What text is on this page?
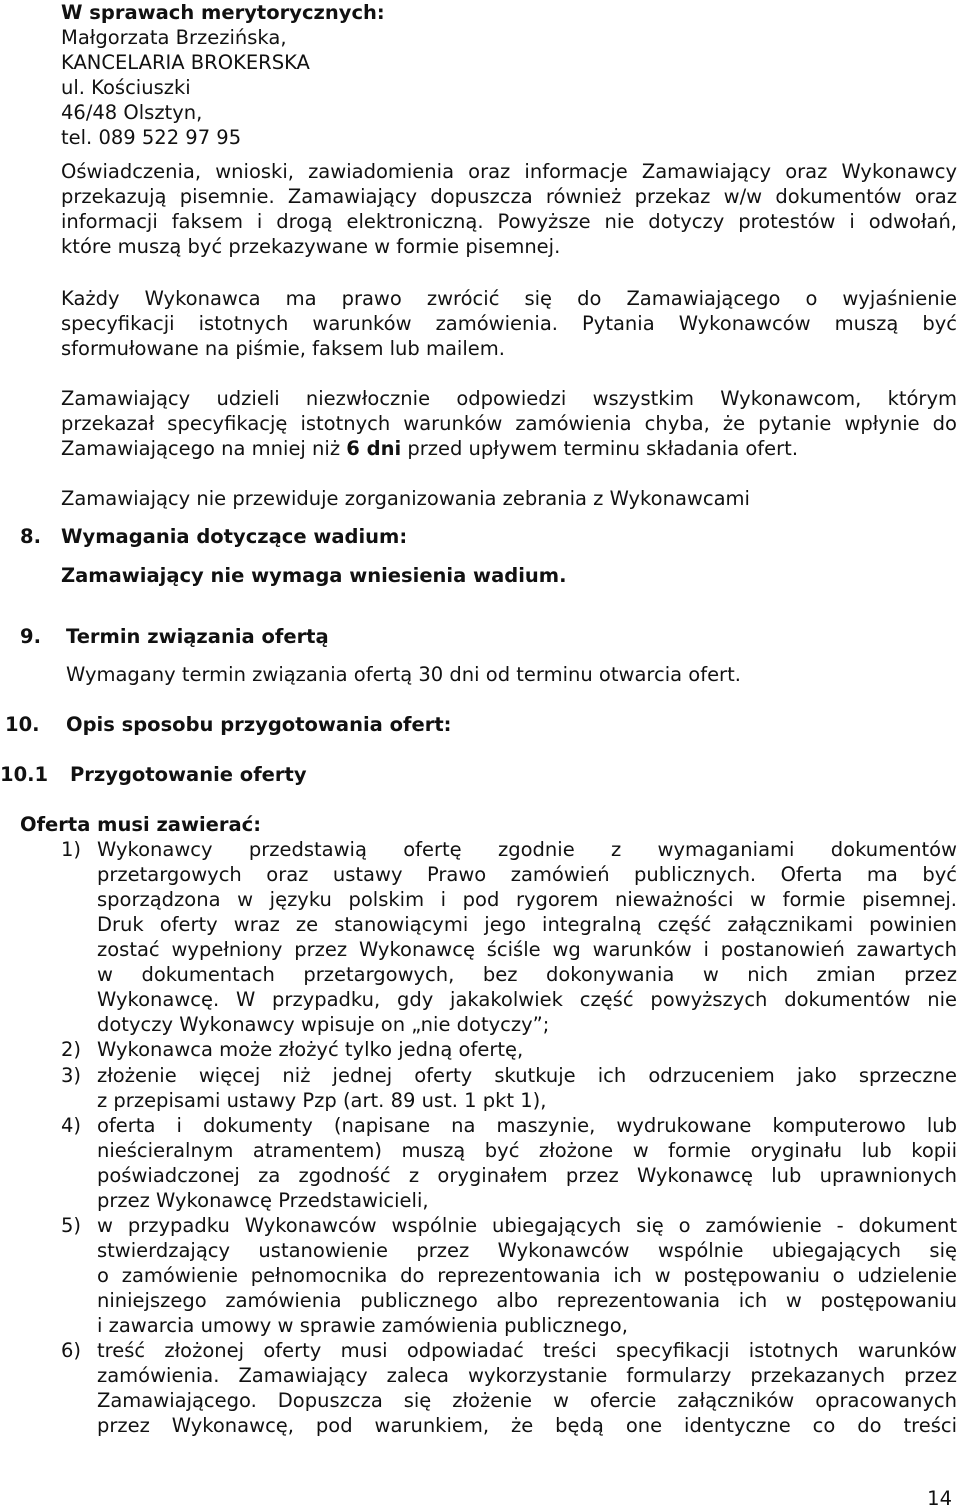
W sprawach merytorycznych:
Małgorzata Brzezińska,
KANCELARIA BROKERSKA
ul. Kościuszki
46/48 Olsztyn,
tel. 089 522 97 95
Oświadczenia, wnioski, zawiadomienia oraz informacje Zamawiający oraz Wykonawcy
przekazują pisemnie. Zamawiający dopuszcza również przekaz w/w dokumentów oraz
informacji faksem i drogą elektroniczną. Powyższe nie dotyczy protestów i odwołań,
które muszą być przekazywane w formie pisemnej.
Każdy Wykonawca ma prawo zwrócić się do Zamawiającego o wyjaśnienie
specyfikacji istotnych warunków zamówienia. Pytania Wykonawców muszą być
sformułowane na piśmie, faksem lub mailem.
Zamawiający udzieli niezwłocznie odpowiedzi wszystkim Wykonawcom, którym
przekazał specyfikację istotnych warunków zamówienia chyba, że pytanie wpłynie do
Zamawiającego na mniej niż 6 dni przed upływem terminu składania ofert.
Zamawiający nie przewiduje zorganizowania zebrania z Wykonawcami
8. Wymagania dotyczące wadium:
Zamawiający nie wymaga wniesienia wadium.
9. Termin związania ofertą
Wymagany termin związania ofertą 30 dni od terminu otwarcia ofert.
10. Opis sposobu przygotowania ofert:
10.1 Przygotowanie oferty
Oferta musi zawierać:
1) Wykonawcy przedstawią ofertę zgodnie z wymaganiami dokumentów
przetargowych oraz ustawy Prawo zamówień publicznych. Oferta ma być
sporządzona w języku polskim i pod rygorem nieważności w formie pisemnej.
Druk oferty wraz ze stanowiącymi jego integralną część załącznikami powinien
zostać wypełniony przez Wykonawcę ściśle wg warunków i postanowień zawartych
w dokumentach przetargowych, bez dokonywania w nich zmian przez
Wykonawcę. W przypadku, gdy jakakolwiek część powyższych dokumentów nie
dotyczy Wykonawcy wpisuje on „nie dotyczy”;
2) Wykonawca może złożyć tylko jedną ofertę,
3) złożenie więcej niż jednej oferty skutkuje ich odrzuceniem jako sprzeczne
z przepisami ustawy Pzp (art. 89 ust. 1 pkt 1),
4) oferta i dokumenty (napisane na maszynie, wydrukowane komputerowo lub
nieścieralnym atramentem) muszą być złożone w formie oryginału lub kopii
poświadczonej za zgodność z oryginałem przez Wykonawcę lub uprawnionych
przez Wykonawcę Przedstawicieli,
5) w przypadku Wykonawców wspólnie ubiegających się o zamówienie - dokument
stwierdzający ustanowienie przez Wykonawców wspólnie ubiegających się
o zamówienie pełnomocnika do reprezentowania ich w postępowaniu o udzielenie
niniejszego zamówienia publicznego albo reprezentowania ich w postępowaniu
i zawarcia umowy w sprawie zamówienia publicznego,
6) treść złożonej oferty musi odpowiadać treści specyfikacji istotnych warunków
zamówienia. Zamawiający zaleca wykorzystanie formularzy przekazanych przez
Zamawiającego. Dopuszcza się złożenie w ofercie załączników opracowanych
przez Wykonawcę, pod warunkiem, że będą one identyczne co do treści
14
